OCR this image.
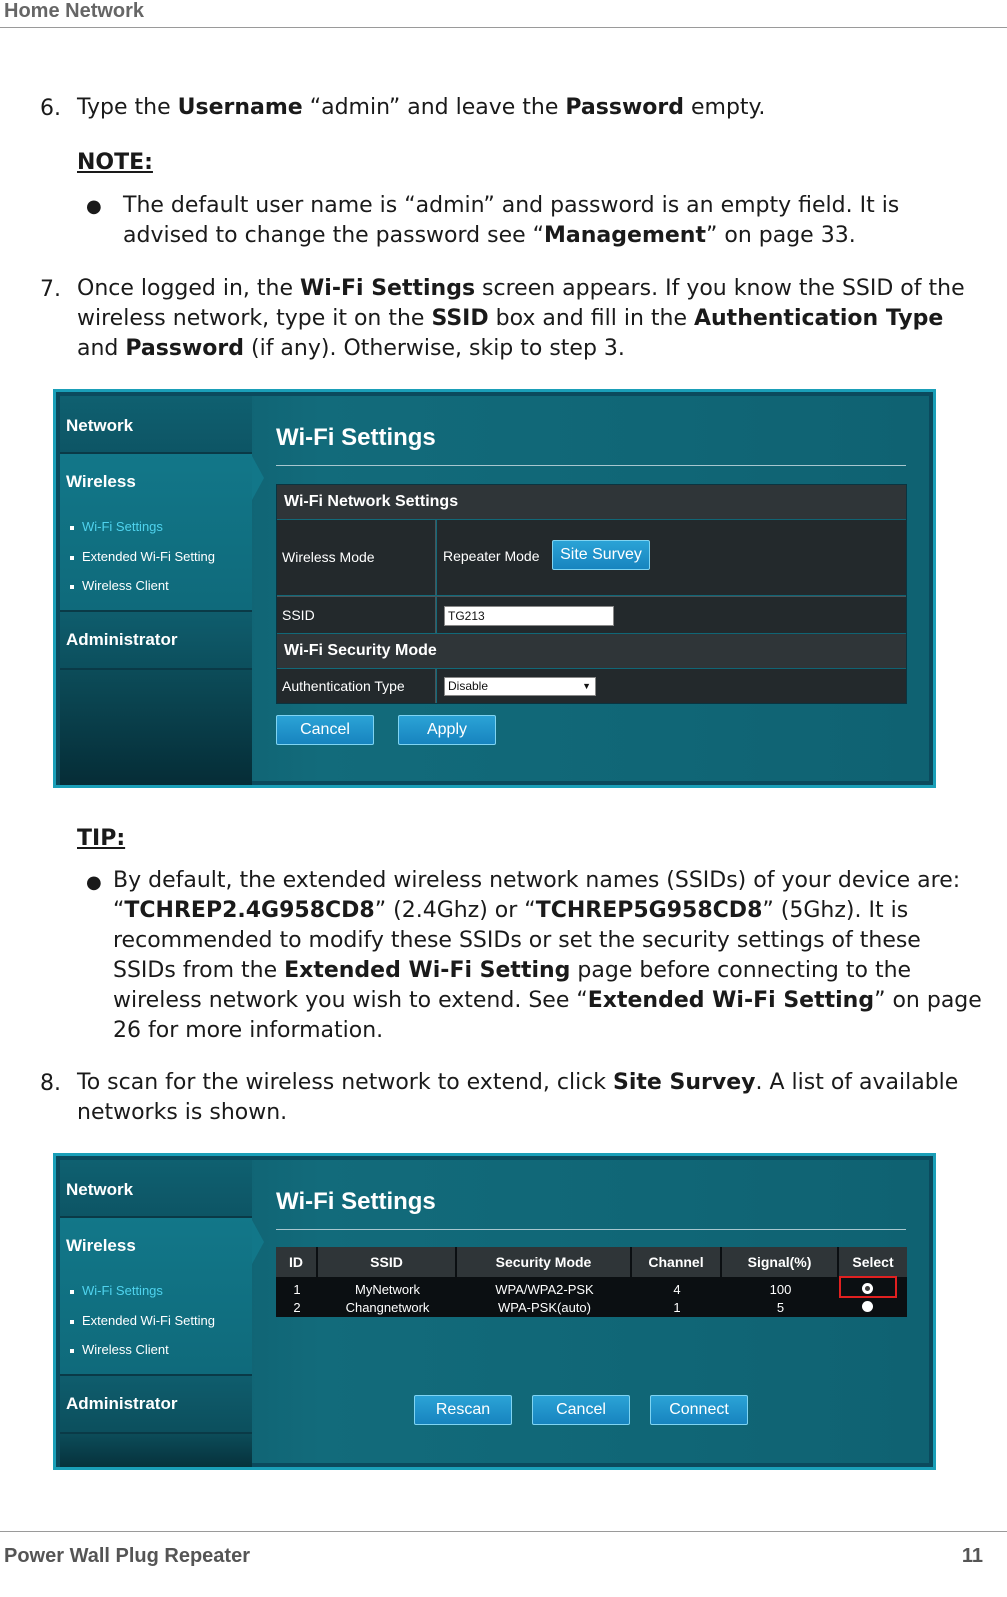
Home Network
6. Type the Username “admin” and leave the Password empty.
NOTE:
● The default user name is “admin” and password is an empty field. It is
advised to change the password see “Management” on page 33.
7. Once logged in, the Wi-Fi Settings screen appears. If you know the SSID of the
wireless network, type it on the SSID box and fill in the Authentication Type
and Password (if any). Otherwise, skip to step 3.
Network
Wireless
Wi-Fi Settings
Extended Wi-Fi Setting
Wireless Client
Administrator
Wi-Fi Settings
Wi-Fi Network Settings
Wireless Mode	Repeater Mode	Site Survey
SSID	TG213
Wi-Fi Security Mode
Authentication Type	Disable	▼
Cancel	Apply
TIP:
● By default, the extended wireless network names (SSIDs) of your device are:
“TCHREP2.4G958CD8” (2.4Ghz) or “TCHREP5G958CD8” (5Ghz). It is
recommended to modify these SSIDs or set the security settings of these
SSIDs from the Extended Wi-Fi Setting page before connecting to the
wireless network you wish to extend. See “Extended Wi-Fi Setting” on page
26 for more information.
8. To scan for the wireless network to extend, click Site Survey. A list of available
networks is shown.
Network
Wireless
Wi-Fi Settings
Extended Wi-Fi Setting
Wireless Client
Administrator
Wi-Fi Settings
ID	SSID	Security Mode	Channel	Signal(%)	Select
1	MyNetwork	WPA/WPA2-PSK	4	100
2	Changnetwork	WPA-PSK(auto)	1	5
Rescan	Cancel	Connect
Power Wall Plug Repeater	11
